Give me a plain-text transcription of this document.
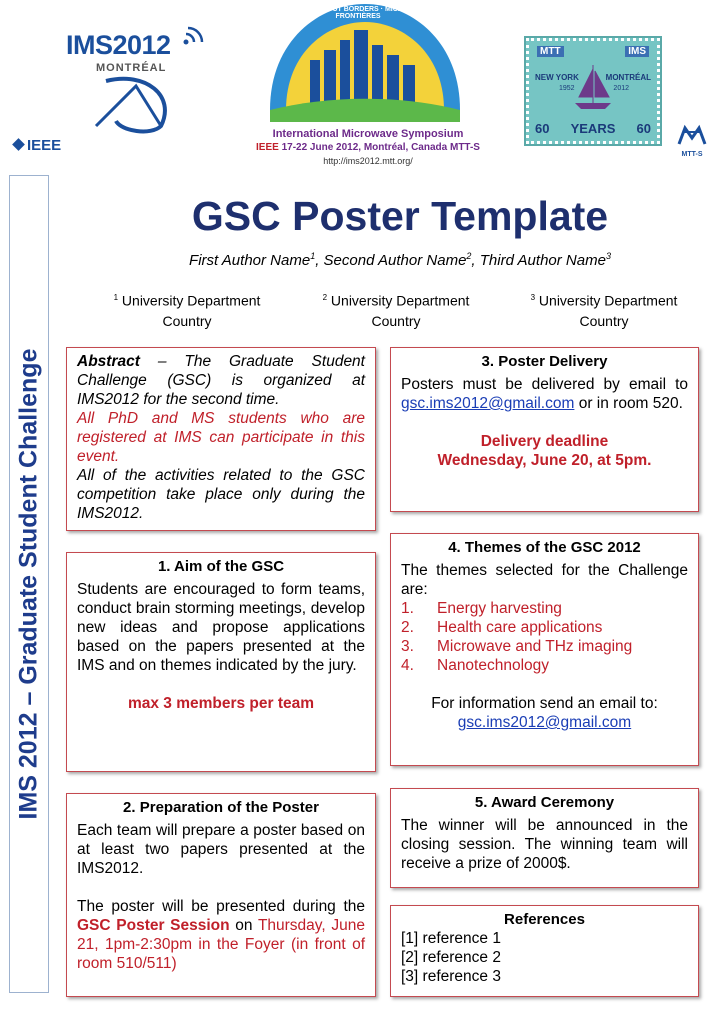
IMS2012
MONTRÉAL
IEEE
MICROWAVES WITHOUT BORDERS · MICRO-ONDES SANS FRONTIÈRES
International Microwave Symposium
IEEE 17-22 June 2012, Montréal, Canada MTT-S
http://ims2012.mtt.org/
MTT	IMS
NEW YORK	MONTRÉAL
1952	2012
60	YEARS	60
MTT-S
IMS 2012 – Graduate Student Challenge
GSC Poster Template
First Author Name$^1$, Second Author Name$^2$, Third Author Name$^3$
$^1$ University Department
Country
$^2$ University Department
Country
$^3$ University Department
Country
Abstract – The Graduate Student Challenge (GSC) is organized at IMS2012 for the second time.
All PhD and MS students who are registered at IMS can participate in this event.
All of the activities related to the GSC competition take place only during the IMS2012.
1. Aim of the GSC
Students are encouraged to form teams, conduct brain storming meetings, develop new ideas and propose applications based on the papers presented at the IMS and on themes indicated by the jury.
max 3 members per team
2. Preparation of the Poster
Each team will prepare a poster based on at least two papers presented at the IMS2012.
The poster will be presented during the GSC Poster Session on Thursday, June 21, 1pm-2:30pm in the Foyer (in front of room 510/511)
3. Poster Delivery
Posters must be delivered by email to gsc.ims2012@gmail.com or in room 520.
Delivery deadline
Wednesday, June 20, at 5pm.
4. Themes of the GSC 2012
The themes selected for the Challenge are:
1. Energy harvesting
2. Health care applications
3. Microwave and THz imaging
4. Nanotechnology
For information send an email to:
gsc.ims2012@gmail.com
5. Award Ceremony
The winner will be announced in the closing session. The winning team will receive a prize of 2000$.
References
[1] reference 1
[2] reference 2
[3] reference 3
